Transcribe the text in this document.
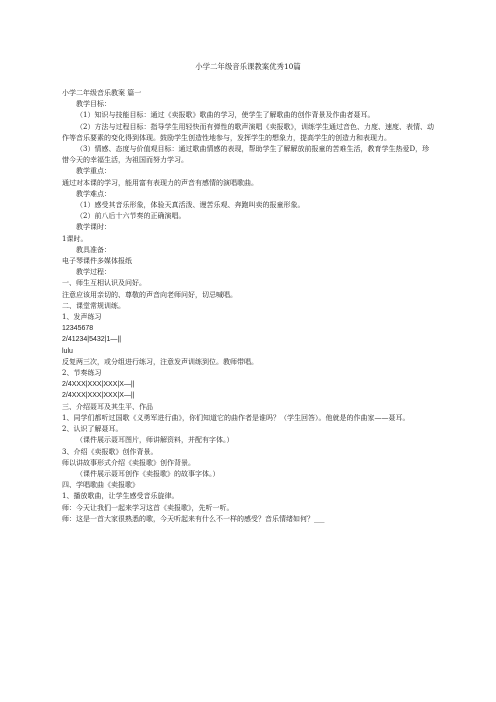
小学二年级音乐课教案优秀10篇

小学二年级音乐教案 篇一

教学目标：

（1）知识与技能目标：通过《卖报歌》歌曲的学习，使学生了解歌曲的创作背景及作曲者聂耳。

（2）方法与过程目标：指导学生用轻快而有弹性的歌声演唱《卖报歌》，训练学生通过音色、力度、速度、表情、动作等音乐要素的变化得到体现。鼓励学生创造性地参与，发挥学生的想象力，提高学生的创造力和表现力。

（3）情感、态度与价值观目标：通过歌曲情感的表现，帮助学生了解解放前报童的苦难生活，教育学生热爱D，珍惜今天的幸福生活，为祖国而努力学习。

教学重点：

通过对本课的学习，能用富有表现力的声音有感情的演唱歌曲。

教学难点：

（1）感受其音乐形象，体验天真活泼、谩苦乐观、奔跑叫卖的报童形象。

（2）前八后十六节奏的正确演唱。

教学课时：

1课时。

教具准备：

电子琴课件多媒体报纸

教学过程：

一、师生互相认识及问好。

注意应该用亲切的、尊敬的声音向老师问好，切忌喊唱。

二、课堂常规训练。

1、发声练习

12345678

2/41234|5432|1—||

lulu

反复两三次，或分组进行练习，注意发声训练到位。教师带唱。

2、节奏练习

2/4XXX|XXX|XXX|X—||

2/4XXX|XXX|XXX|X—||

三、介绍聂耳及其生平、作品

1、同学们都听过国歌《义勇军进行曲》，你们知道它的曲作者是谁吗？（学生回答）。他就是的作曲家——聂耳。

2、认识了解聂耳。

（课件展示聂耳图片，师讲解资料，并配有字体。）

3、介绍《卖报歌》创作背景。

师以讲故事形式介绍《卖报歌》创作背景。

（课件展示聂耳创作《卖报歌》的故事字体。）

四、学唱歌曲《卖报歌》

1、播放歌曲，让学生感受音乐旋律。

师：今天让我们一起来学习这首《卖报歌》，先听一听。

师：这是一首大家很熟悉的歌，今天听起来有什么不一样的感受？音乐情绪如何？___
